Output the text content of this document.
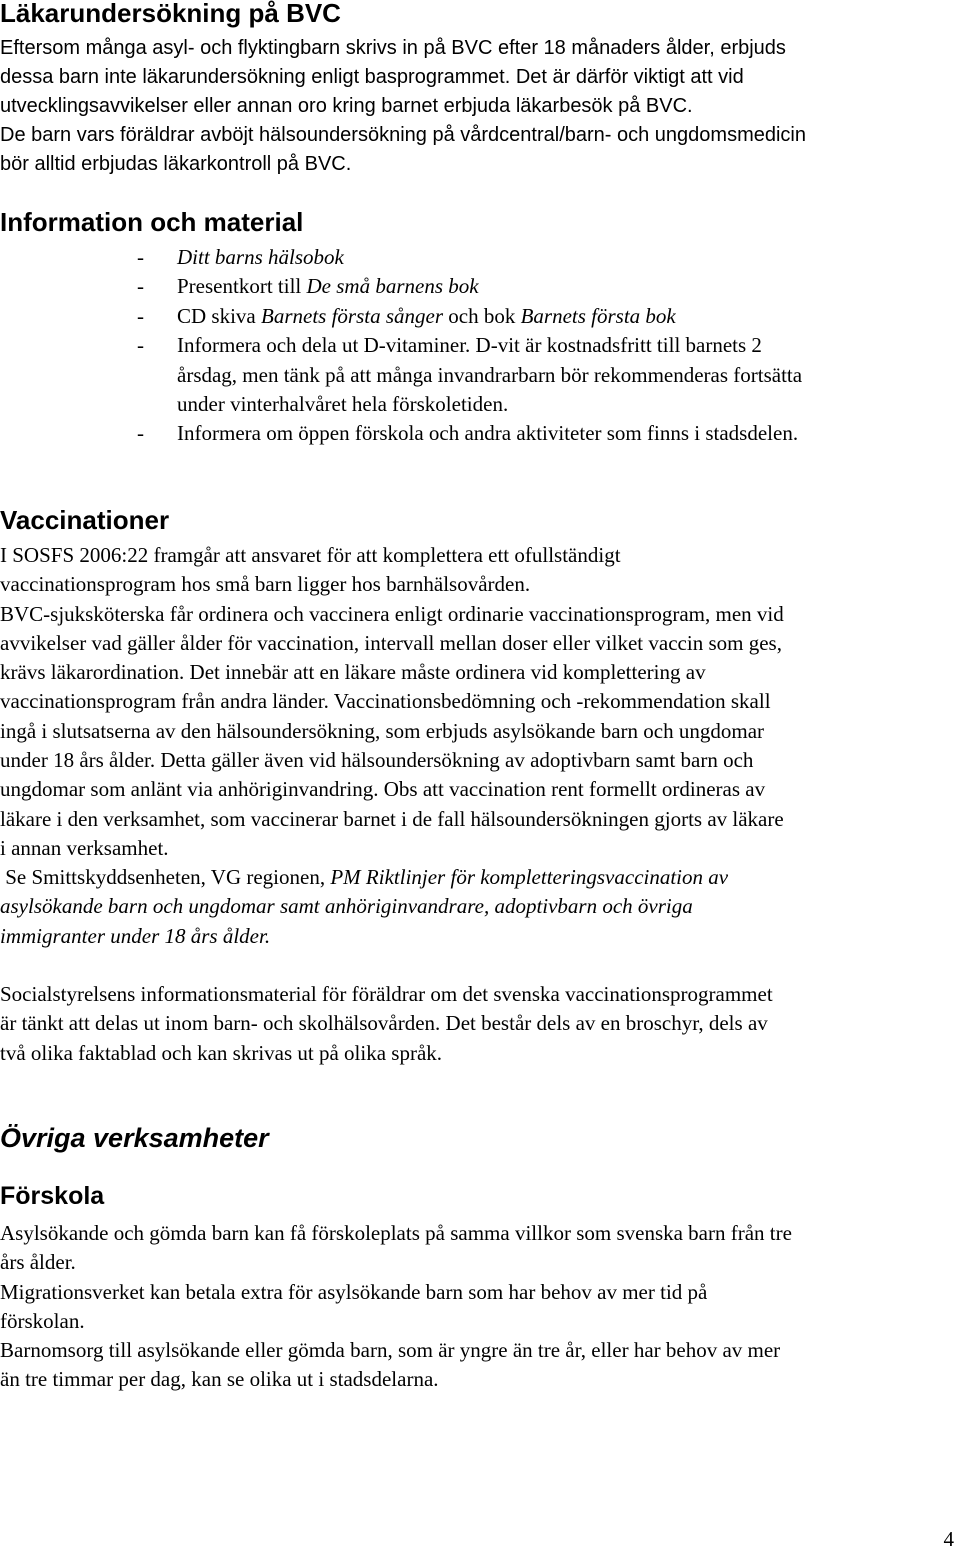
Läkarundersökning på BVC

Eftersom många asyl- och flyktingbarn skrivs in på BVC efter 18 månaders ålder, erbjuds
dessa barn inte läkarundersökning enligt basprogrammet. Det är därför viktigt att vid
utvecklingsavvikelser eller annan oro kring barnet erbjuda läkarbesök på BVC.

De barn vars föräldrar avböjt hälsoundersökning på vårdcentral/barn- och ungdomsmedicin
bör alltid erbjudas läkarkontroll på BVC.

Information och material
- Ditt barns hälsobok
- Presentkort till De små barnens bok
- CD skiva Barnets första sånger och bok Barnets första bok
- Informera och dela ut D-vitaminer. D-vit är kostnadsfritt till barnets 2
årsdag, men tänk på att många invandrarbarn bör rekommenderas fortsätta
under vinterhalvåret hela förskoletiden.
- Informera om öppen förskola och andra aktiviteter som finns i stadsdelen.
Vaccinationer

I SOSFS 2006:22 framgår att ansvaret för att komplettera ett ofullständigt
vaccinationsprogram hos små barn ligger hos barnhälsovården.
BVC-sjuksköterska får ordinera och vaccinera enligt ordinarie vaccinationsprogram, men vid
avvikelser vad gäller ålder för vaccination, intervall mellan doser eller vilket vaccin som ges,
krävs läkarordination. Det innebär att en läkare måste ordinera vid komplettering av
vaccinationsprogram från andra länder. Vaccinationsbedömning och -rekommendation skall
ingå i slutsatserna av den hälsoundersökning, som erbjuds asylsökande barn och ungdomar
under 18 års ålder. Detta gäller även vid hälsoundersökning av adoptivbarn samt barn och
ungdomar som anlänt via anhöriginvandring. Obs att vaccination rent formellt ordineras av
läkare i den verksamhet, som vaccinerar barnet i de fall hälsoundersökningen gjorts av läkare
i annan verksamhet.

Se Smittskyddsenheten, VG regionen, PM Riktlinjer för kompletteringsvaccination av
asylsökande barn och ungdomar samt anhöriginvandrare, adoptivbarn och övriga
immigranter under 18 års ålder.

Socialstyrelsens informationsmaterial för föräldrar om det svenska vaccinationsprogrammet
är tänkt att delas ut inom barn- och skolhälsovården. Det består dels av en broschyr, dels av
två olika faktablad och kan skrivas ut på olika språk.

Övriga verksamheter
Förskola

Asylsökande och gömda barn kan få förskoleplats på samma villkor som svenska barn från tre
års ålder.
Migrationsverket kan betala extra för asylsökande barn som har behov av mer tid på
förskolan.
Barnomsorg till asylsökande eller gömda barn, som är yngre än tre år, eller har behov av mer
än tre timmar per dag, kan se olika ut i stadsdelarna.

4
